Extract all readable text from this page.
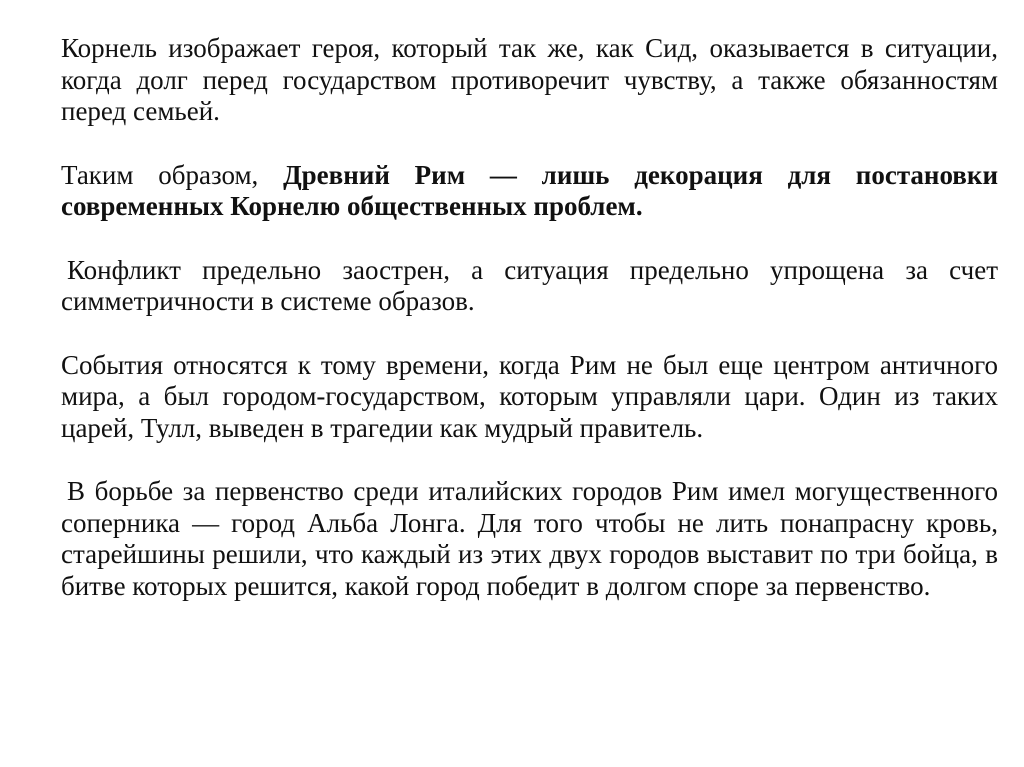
Корнель изображает героя, который так же, как Сид, оказывается в ситуации, когда долг перед государством противоречит чувству, а также обязанностям перед семьей.

Таким образом, Древний Рим — лишь декорация для постановки современных Корнелю общественных проблем.

Конфликт предельно заострен, а ситуация предельно упрощена за счет симметричности в системе образов.

События относятся к тому времени, когда Рим не был еще центром античного мира, а был городом-государством, которым управляли цари. Один из таких царей, Тулл, выведен в трагедии как мудрый правитель.

В борьбе за первенство среди италийских городов Рим имел могущественного соперника — город Альба Лонга. Для того чтобы не лить понапрасну кровь, старейшины решили, что каждый из этих двух городов выставит по три бойца, в битве которых решится, какой город победит в долгом споре за первенство.
